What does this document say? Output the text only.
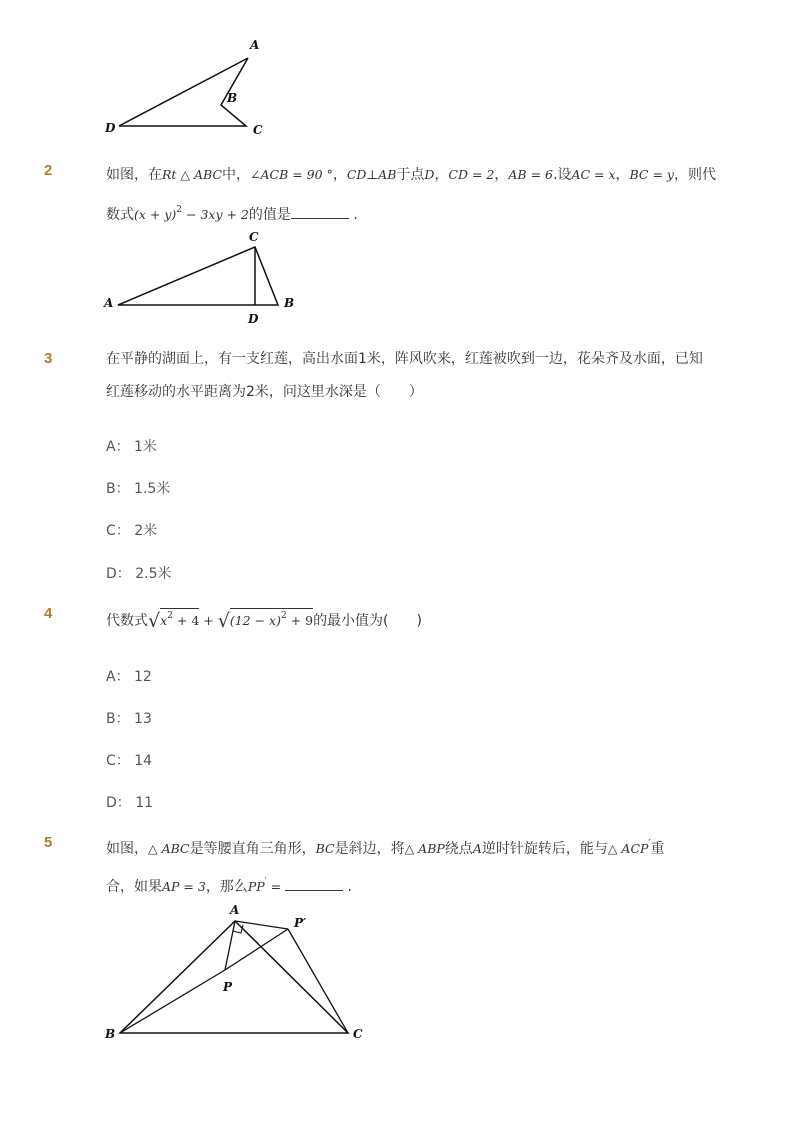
A
B
C
D
2	如图，在Rt △ ABC中，∠ACB = 90 °，CD⊥AB于点D，CD = 2，AB = 6.设AC = x，BC = y，则代
数式$(x + y)^2 - 3xy + 2$的值是	.
C
A	B
D
3	在平静的湖面上，有一支红莲，高出水面1米，阵风吹来，红莲被吹到一边，花朵齐及水面，已知
红莲移动的水平距离为2米，问这里水深是（　　）
A： 1米
B： 1.5米
C： 2米
D： 2.5米
4	代数式$√x^2 + 4 + √(12 - x)^2 + 9$的最小值为(　　)
A： 12
B： 13
C： 14
D： 11
5	如图，△ ABC是等腰直角三角形，BC是斜边，将△ ABP绕点A逆时针旋转后，能与△ ACP′重
合，如果AP = 3，那么PP′ =	.
A
P′
P
B	C
